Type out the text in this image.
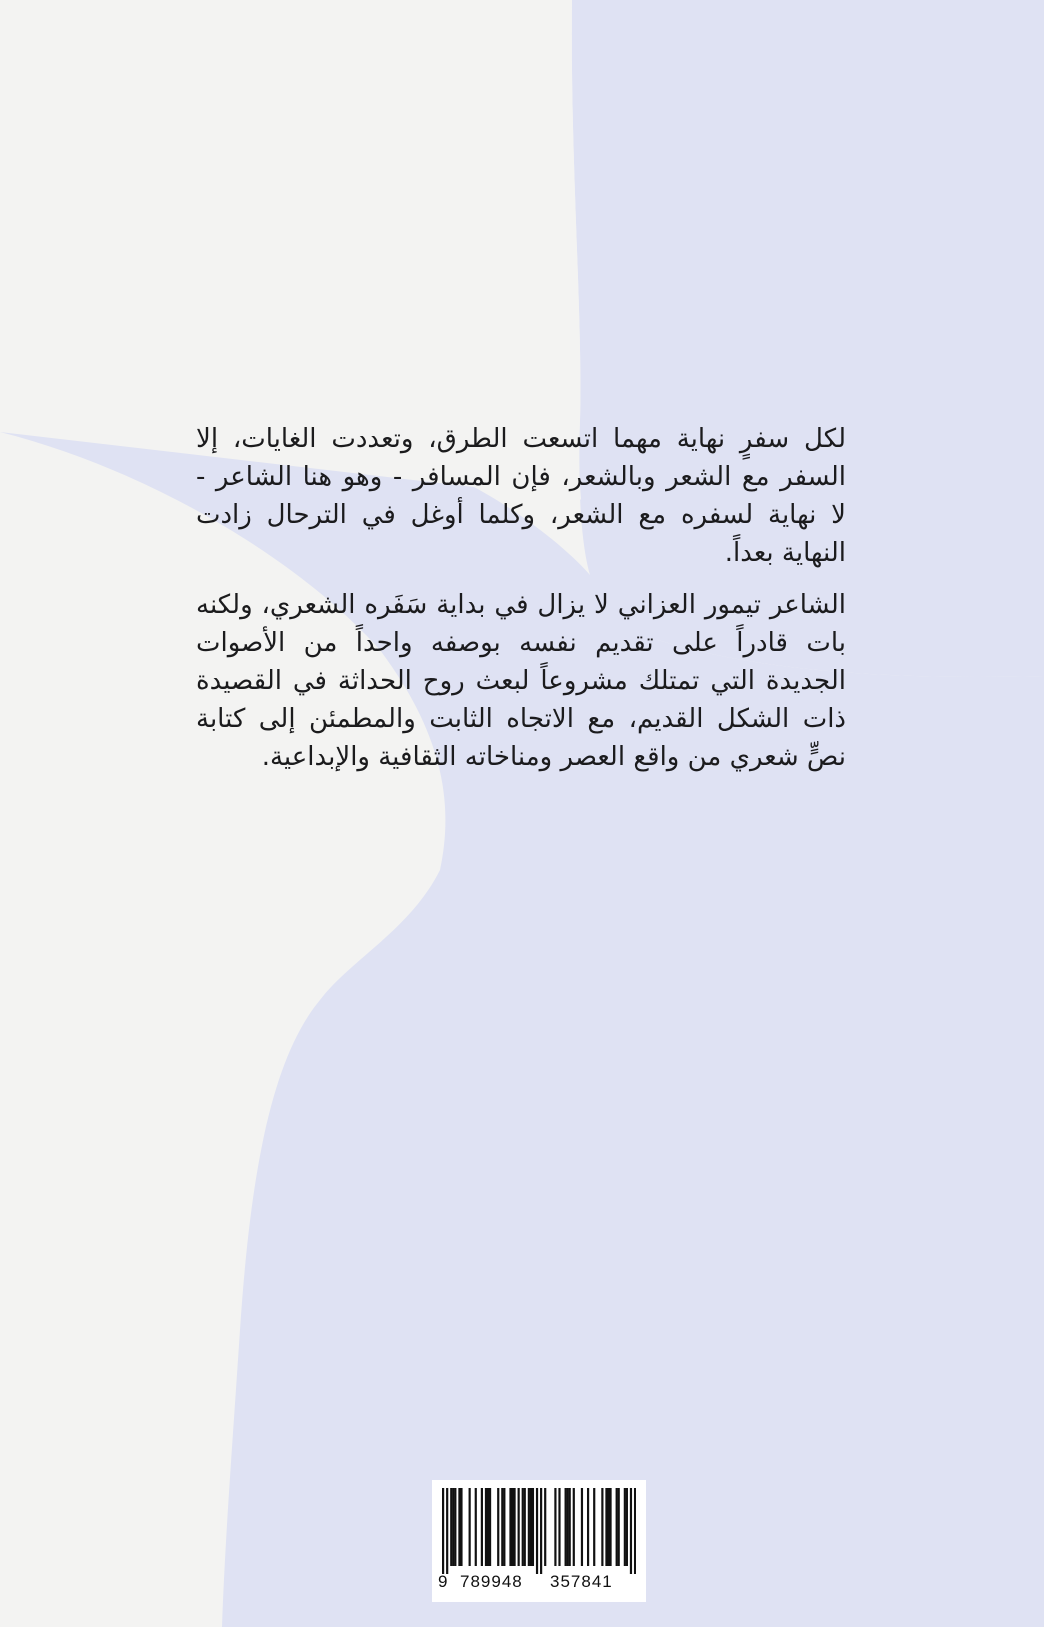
لكل سفرٍ نهاية مهما اتسعت الطرق، وتعددت الغايات، إلا السفر مع الشعر وبالشعر، فإن المسافر - وهو هنا الشاعر - لا نهاية لسفره مع الشعر، وكلما أوغل في الترحال زادت النهاية بعداً.

الشاعر تيمور العزاني لا يزال في بداية سَفَره الشعري، ولكنه بات قادراً على تقديم نفسه بوصفه واحداً من الأصوات الجديدة التي تمتلك مشروعاً لبعث روح الحداثة في القصيدة ذات الشكل القديم، مع الاتجاه الثابت والمطمئن إلى كتابة نصٍّ شعري من واقع العصر ومناخاته الثقافية والإبداعية.

9 789948 357841
